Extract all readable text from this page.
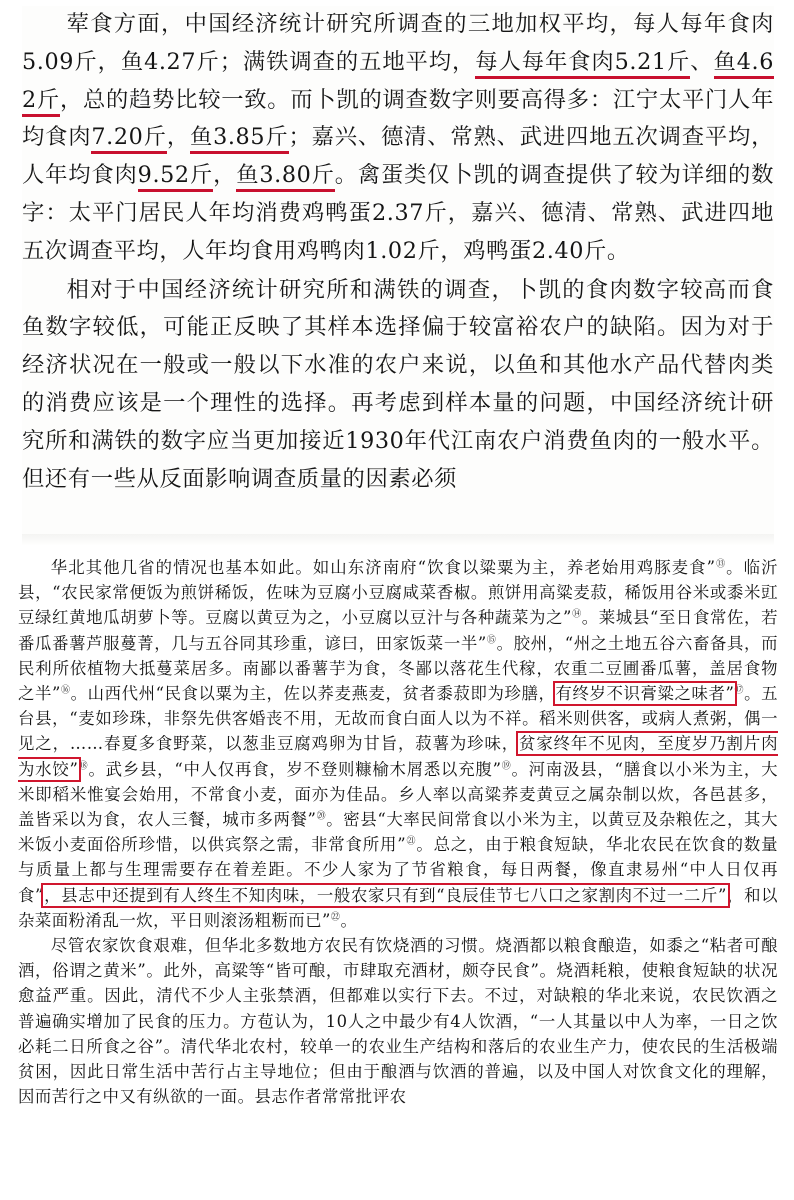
荤食方面，中国经济统计研究所调查的三地加权平均，每人每年食肉5.09斤，鱼4.27斤；满铁调查的五地平均，每人每年食肉5.21斤、鱼4.62斤，总的趋势比较一致。而卜凯的调查数字则要高得多：江宁太平门人年均食肉7.20斤，鱼3.85斤；嘉兴、德清、常熟、武进四地五次调查平均，人年均食肉9.52斤，鱼3.80斤。禽蛋类仅卜凯的调查提供了较为详细的数字：太平门居民人年均消费鸡鸭蛋2.37斤，嘉兴、德清、常熟、武进四地五次调查平均，人年均食用鸡鸭肉1.02斤，鸡鸭蛋2.40斤。

相对于中国经济统计研究所和满铁的调查，卜凯的食肉数字较高而食鱼数字较低，可能正反映了其样本选择偏于较富裕农户的缺陷。因为对于经济状况在一般或一般以下水准的农户来说，以鱼和其他水产品代替肉类的消费应该是一个理性的选择。再考虑到样本量的问题，中国经济统计研究所和满铁的数字应当更加接近1930年代江南农户消费鱼肉的一般水平。但还有一些从反面影响调查质量的因素必须

华北其他几省的情况也基本如此。如山东济南府“饮食以粱粟为主，养老始用鸡豚麦食”⑬。临沂县，“农民家常便饭为煎饼稀饭，佐味为豆腐小豆腐咸菜香椒。煎饼用高粱麦菽，稀饭用谷米或黍米豇豆绿红黄地瓜胡萝卜等。豆腐以黄豆为之，小豆腐以豆汁与各种蔬菜为之”⑭。莱城县“至日食常佐，若番瓜番薯芦服蔓菁，几与五谷同其珍重，谚曰，田家饭菜一半”⑮。胶州，“州之土地五谷六畜备具，而民利所依植物大抵蔓菜居多。南鄙以番薯芋为食，冬鄙以落花生代稼，农重二豆圃番瓜薯，盖居食物之半”⑯。山西代州“民食以粟为主，佐以荞麦燕麦，贫者黍菽即为珍膳，有终岁不识膏粱之味者”⑰。五台县，“麦如珍珠，非祭先供客婚丧不用，无故而食白面人以为不祥。稻米则供客，或病人煮粥，偶一见之，……春夏多食野菜，以葱韭豆腐鸡卵为甘旨，菽薯为珍味，贫家终年不见肉，至度岁乃割片肉为水饺”⑱。武乡县，“中人仅再食，岁不登则糠榆木屑悉以充腹”⑲。河南汲县，“膳食以小米为主，大米即稻米惟宴会始用，不常食小麦，面亦为佳品。乡人率以高粱荞麦黄豆之属杂制以炊，各邑甚多，盖皆采以为食，农人三餐，城市多两餐”⑳。密县“大率民间常食以小米为主，以黄豆及杂粮佐之，其大米饭小麦面俗所珍惜，以供宾祭之需，非常食所用”$^㉑$。总之，由于粮食短缺，华北农民在饮食的数量与质量上都与生理需要存在着差距。不少人家为了节省粮食，每日两餐，像直隶易州“中人日仅再食”，县志中还提到有人终生不知肉味，一般农家只有到“良辰佳节七八口之家割肉不过一二斤”，和以杂菜面粉淆乱一炊，平日则滚汤粗粝而已”$^㉒$。

尽管农家饮食艰难，但华北多数地方农民有饮烧酒的习惯。烧酒都以粮食酿造，如黍之“粘者可酿酒，俗谓之黄米”。此外，高粱等“皆可酿，市肆取充酒材，颇夺民食”。烧酒耗粮，使粮食短缺的状况愈益严重。因此，清代不少人主张禁酒，但都难以实行下去。不过，对缺粮的华北来说，农民饮酒之普遍确实增加了民食的压力。方苞认为，10人之中最少有4人饮酒，“一人其量以中人为率，一日之饮必耗二日所食之谷”。清代华北农村，较单一的农业生产结构和落后的农业生产力，使农民的生活极端贫困，因此日常生活中苦行占主导地位；但由于酿酒与饮酒的普遍，以及中国人对饮食文化的理解，因而苦行之中又有纵欲的一面。县志作者常常批评农
